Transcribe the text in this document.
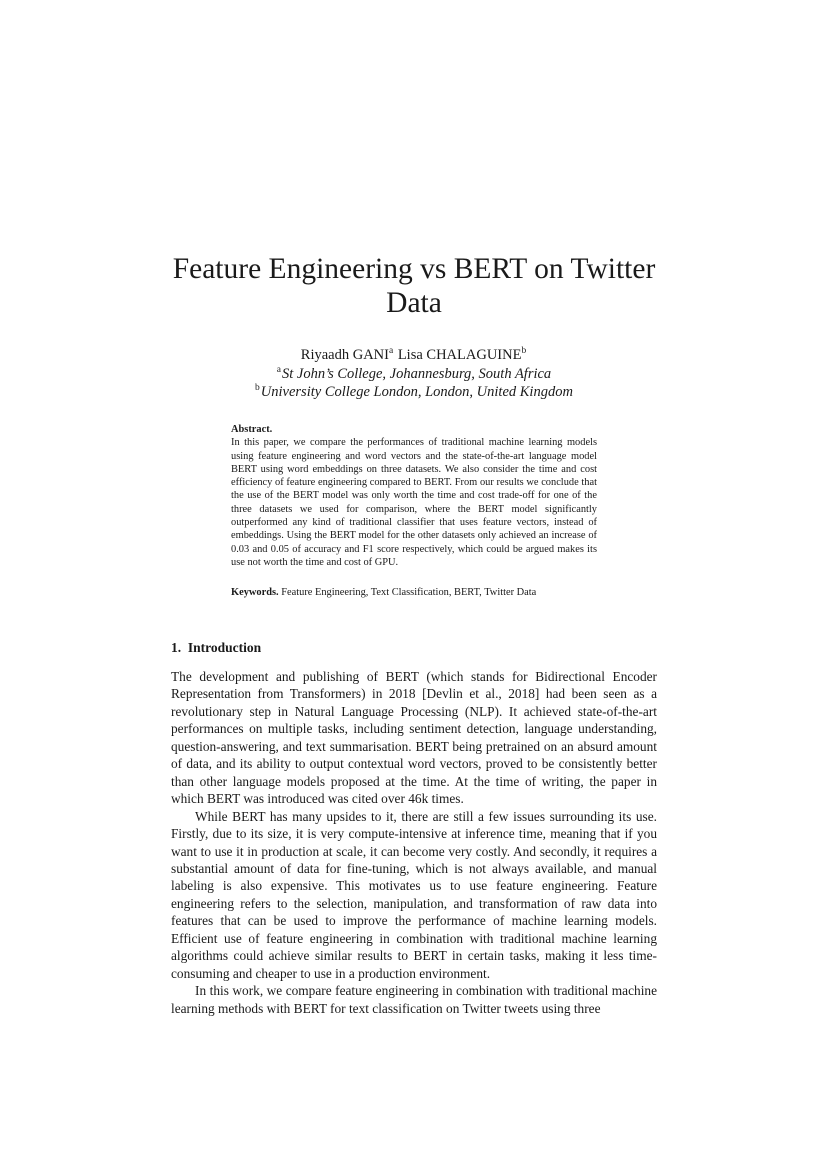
Feature Engineering vs BERT on Twitter Data
Riyaadh GANI$^a$ Lisa CHALAGUINE$^b$
$^a$St John’s College, Johannesburg, South Africa
$^b$University College London, London, United Kingdom
Abstract.

In this paper, we compare the performances of traditional machine learning models using feature engineering and word vectors and the state-of-the-art language model BERT using word embeddings on three datasets. We also consider the time and cost efficiency of feature engineering compared to BERT. From our results we conclude that the use of the BERT model was only worth the time and cost trade-off for one of the three datasets we used for comparison, where the BERT model significantly outperformed any kind of traditional classifier that uses feature vectors, instead of embeddings. Using the BERT model for the other datasets only achieved an increase of 0.03 and 0.05 of accuracy and F1 score respectively, which could be argued makes its use not worth the time and cost of GPU.

Keywords. Feature Engineering, Text Classification, BERT, Twitter Data
1. Introduction

The development and publishing of BERT (which stands for Bidirectional Encoder Representation from Transformers) in 2018 [Devlin et al., 2018] had been seen as a revolutionary step in Natural Language Processing (NLP). It achieved state-of-the-art performances on multiple tasks, including sentiment detection, language understanding, question-answering, and text summarisation. BERT being pretrained on an absurd amount of data, and its ability to output contextual word vectors, proved to be consistently better than other language models proposed at the time. At the time of writing, the paper in which BERT was introduced was cited over 46k times.

While BERT has many upsides to it, there are still a few issues surrounding its use. Firstly, due to its size, it is very compute-intensive at inference time, meaning that if you want to use it in production at scale, it can become very costly. And secondly, it requires a substantial amount of data for fine-tuning, which is not always available, and manual labeling is also expensive. This motivates us to use feature engineering. Feature engineering refers to the selection, manipulation, and transformation of raw data into features that can be used to improve the performance of machine learning models. Efficient use of feature engineering in combination with traditional machine learning algorithms could achieve similar results to BERT in certain tasks, making it less time-consuming and cheaper to use in a production environment.

In this work, we compare feature engineering in combination with traditional machine learning methods with BERT for text classification on Twitter tweets using three
